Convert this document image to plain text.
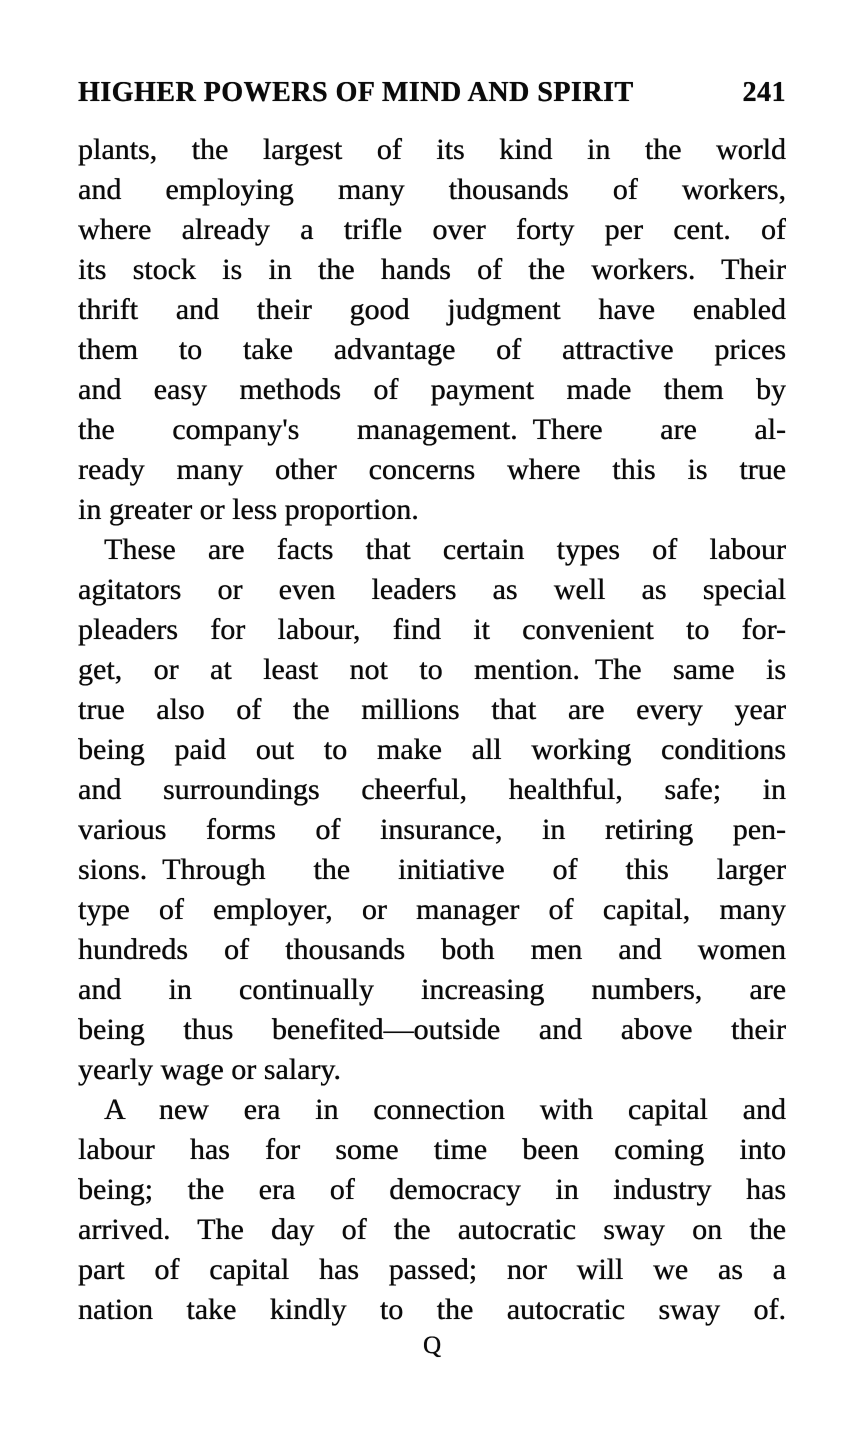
HIGHER POWERS OF MIND AND SPIRIT	241
plants, the largest of its kind in the world
and employing many thousands of workers,
where already a trifle over forty per cent. of
its stock is in the hands of the workers. Their
thrift and their good judgment have enabled
them to take advantage of attractive prices
and easy methods of payment made them by
the company's management. There are al-
ready many other concerns where this is true
in greater or less proportion.
These are facts that certain types of labour
agitators or even leaders as well as special
pleaders for labour, find it convenient to for-
get, or at least not to mention. The same is
true also of the millions that are every year
being paid out to make all working conditions
and surroundings cheerful, healthful, safe; in
various forms of insurance, in retiring pen-
sions. Through the initiative of this larger
type of employer, or manager of capital, many
hundreds of thousands both men and women
and in continually increasing numbers, are
being thus benefited—outside and above their
yearly wage or salary.
A new era in connection with capital and
labour has for some time been coming into
being; the era of democracy in industry has
arrived. The day of the autocratic sway on the
part of capital has passed; nor will we as a
nation take kindly to the autocratic sway of.
Q
